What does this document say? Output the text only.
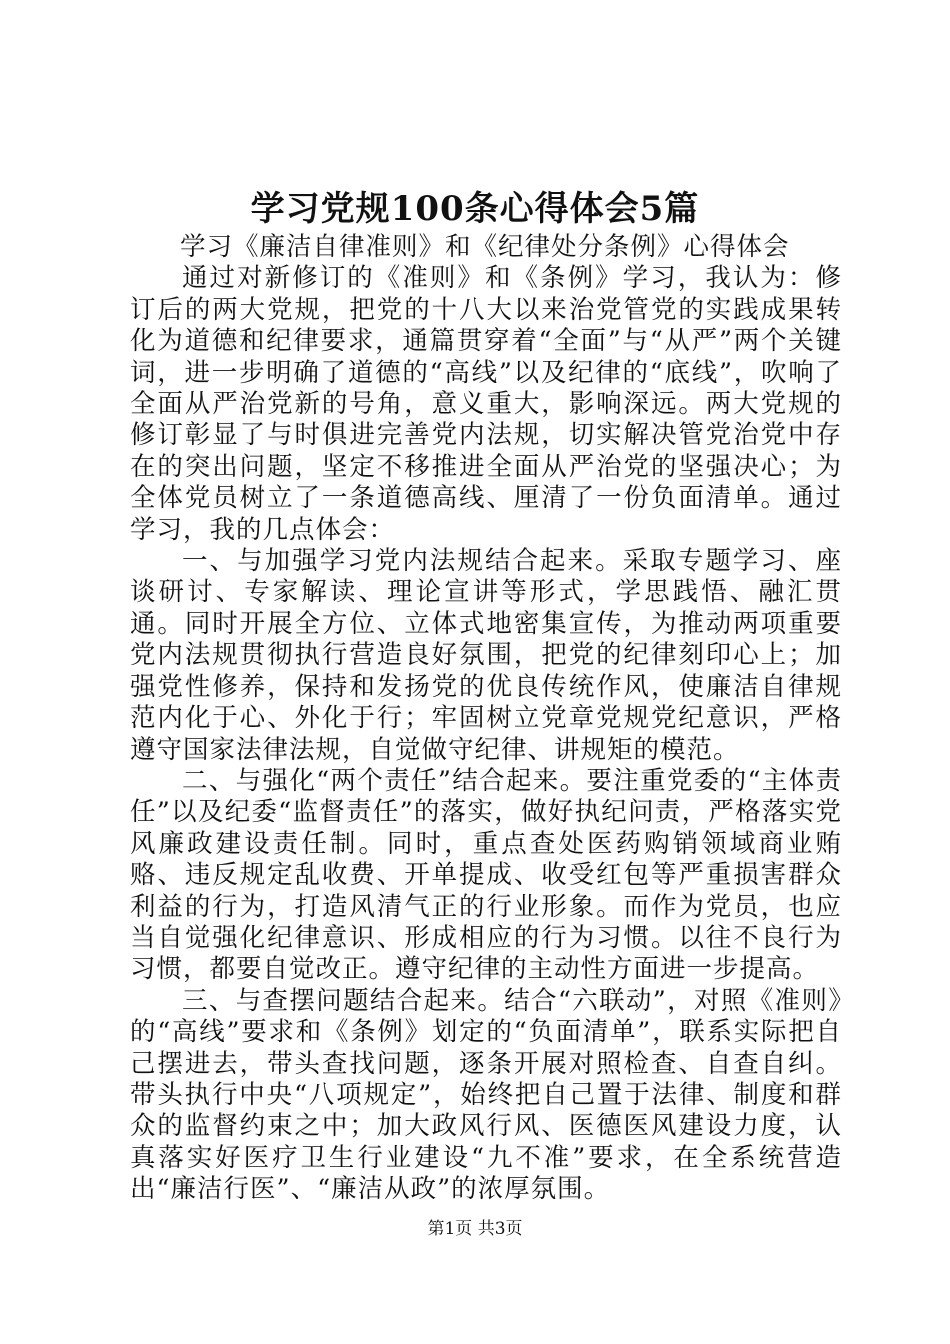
学习党规100条心得体会5篇

学习《廉洁自律准则》和《纪律处分条例》心得体会

通过对新修订的《准则》和《条例》学习，我认为：修订后的两大党规，把党的十八大以来治党管党的实践成果转化为道德和纪律要求，通篇贯穿着“全面”与“从严”两个关键词，进一步明确了道德的“高线”以及纪律的“底线”，吹响了全面从严治党新的号角，意义重大，影响深远。两大党规的修订彰显了与时俱进完善党内法规，切实解决管党治党中存在的突出问题，坚定不移推进全面从严治党的坚强决心；为全体党员树立了一条道德高线、厘清了一份负面清单。通过学习，我的几点体会：

一、与加强学习党内法规结合起来。采取专题学习、座谈研讨、专家解读、理论宣讲等形式，学思践悟、融汇贯通。同时开展全方位、立体式地密集宣传，为推动两项重要党内法规贯彻执行营造良好氛围，把党的纪律刻印心上；加强党性修养，保持和发扬党的优良传统作风，使廉洁自律规范内化于心、外化于行；牢固树立党章党规党纪意识，严格遵守国家法律法规，自觉做守纪律、讲规矩的模范。

二、与强化“两个责任”结合起来。要注重党委的“主体责任”以及纪委“监督责任”的落实，做好执纪问责，严格落实党风廉政建设责任制。同时，重点查处医药购销领域商业贿赂、违反规定乱收费、开单提成、收受红包等严重损害群众利益的行为，打造风清气正的行业形象。而作为党员，也应当自觉强化纪律意识、形成相应的行为习惯。以往不良行为习惯，都要自觉改正。遵守纪律的主动性方面进一步提高。

三、与查摆问题结合起来。结合“六联动”，对照《准则》的“高线”要求和《条例》划定的“负面清单”，联系实际把自己摆进去，带头查找问题，逐条开展对照检查、自查自纠。带头执行中央“八项规定”，始终把自己置于法律、制度和群众的监督约束之中；加大政风行风、医德医风建设力度，认真落实好医疗卫生行业建设“九不准”要求，在全系统营造出“廉洁行医”、“廉洁从政”的浓厚氛围。

第1页 共3页
